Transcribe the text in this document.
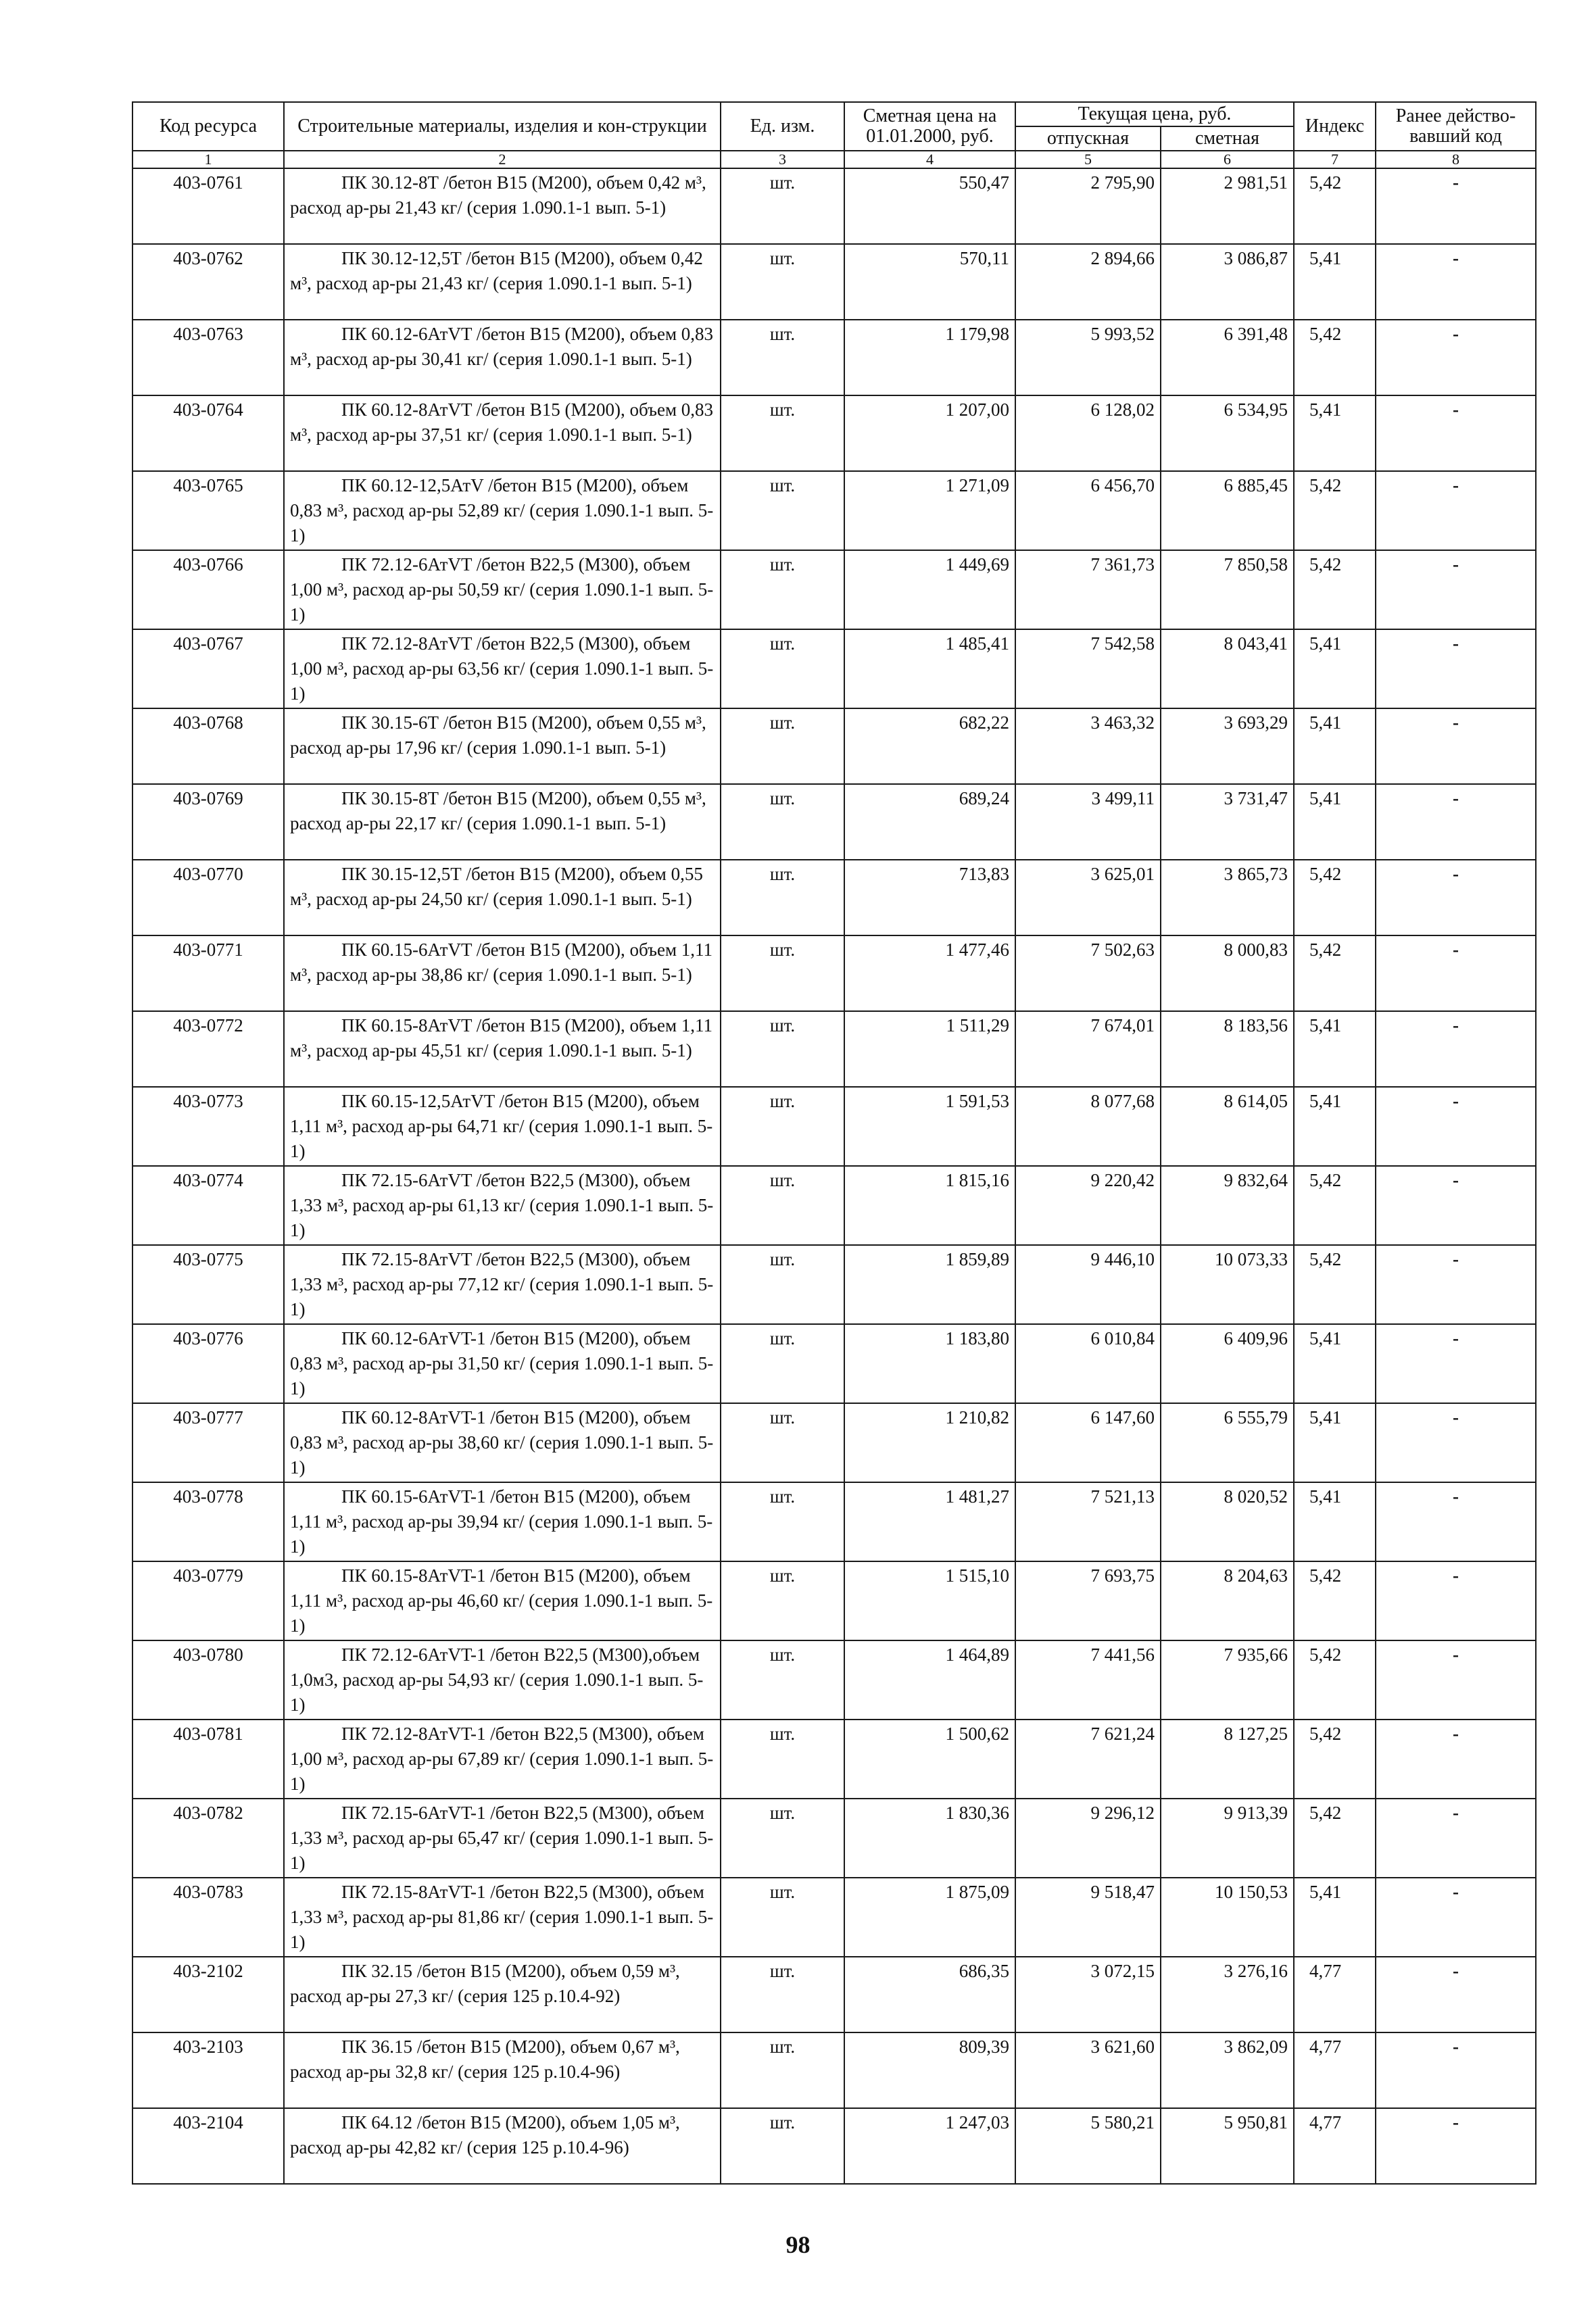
Код ресурса	Строительные материалы, изделия и кон-струкции	Ед. изм.	Сметная цена на 01.01.2000, руб.	Текущая цена, руб.		Индекс	Ранее действо-вавший код
				отпускная	сметная		
1	2	3	4	5	6	7	8
403-0761	ПК 30.12-8Т /бетон В15 (М200), объем 0,42 м³, расход ар-ры 21,43 кг/ (серия 1.090.1-1 вып. 5-1)	шт.	550,47	2 795,90	2 981,51	5,42	-
403-0762	ПК 30.12-12,5Т /бетон В15 (М200), объем 0,42 м³, расход ар-ры 21,43 кг/ (серия 1.090.1-1 вып. 5-1)	шт.	570,11	2 894,66	3 086,87	5,41	-
403-0763	ПК 60.12-6АтVT /бетон В15 (М200), объем 0,83 м³, расход ар-ры 30,41 кг/ (серия 1.090.1-1 вып. 5-1)	шт.	1 179,98	5 993,52	6 391,48	5,42	-
403-0764	ПК 60.12-8АтVT /бетон В15 (М200), объем 0,83 м³, расход ар-ры 37,51 кг/ (серия 1.090.1-1 вып. 5-1)	шт.	1 207,00	6 128,02	6 534,95	5,41	-
403-0765	ПК 60.12-12,5АтV /бетон В15 (М200), объем 0,83 м³, расход ар-ры 52,89 кг/ (серия 1.090.1-1 вып. 5-1)	шт.	1 271,09	6 456,70	6 885,45	5,42	-
403-0766	ПК 72.12-6АтVT /бетон В22,5 (М300), объем 1,00 м³, расход ар-ры 50,59 кг/ (серия 1.090.1-1 вып. 5-1)	шт.	1 449,69	7 361,73	7 850,58	5,42	-
403-0767	ПК 72.12-8АтVT /бетон В22,5 (М300), объем 1,00 м³, расход ар-ры 63,56 кг/ (серия 1.090.1-1 вып. 5-1)	шт.	1 485,41	7 542,58	8 043,41	5,41	-
403-0768	ПК 30.15-6Т /бетон В15 (М200), объем 0,55 м³, расход ар-ры 17,96 кг/ (серия 1.090.1-1 вып. 5-1)	шт.	682,22	3 463,32	3 693,29	5,41	-
403-0769	ПК 30.15-8Т /бетон В15 (М200), объем 0,55 м³, расход ар-ры 22,17 кг/ (серия 1.090.1-1 вып. 5-1)	шт.	689,24	3 499,11	3 731,47	5,41	-
403-0770	ПК 30.15-12,5Т /бетон В15 (М200), объем 0,55 м³, расход ар-ры 24,50 кг/ (серия 1.090.1-1 вып. 5-1)	шт.	713,83	3 625,01	3 865,73	5,42	-
403-0771	ПК 60.15-6АтVT /бетон В15 (М200), объем 1,11 м³, расход ар-ры 38,86 кг/ (серия 1.090.1-1 вып. 5-1)	шт.	1 477,46	7 502,63	8 000,83	5,42	-
403-0772	ПК 60.15-8АтVT /бетон В15 (М200), объем 1,11 м³, расход ар-ры 45,51 кг/ (серия 1.090.1-1 вып. 5-1)	шт.	1 511,29	7 674,01	8 183,56	5,41	-
403-0773	ПК 60.15-12,5АтVT /бетон В15 (М200), объем 1,11 м³, расход ар-ры 64,71 кг/ (серия 1.090.1-1 вып. 5-1)	шт.	1 591,53	8 077,68	8 614,05	5,41	-
403-0774	ПК 72.15-6АтVT /бетон В22,5 (М300), объем 1,33 м³, расход ар-ры 61,13 кг/ (серия 1.090.1-1 вып. 5-1)	шт.	1 815,16	9 220,42	9 832,64	5,42	-
403-0775	ПК 72.15-8АтVT /бетон В22,5 (М300), объем 1,33 м³, расход ар-ры 77,12 кг/ (серия 1.090.1-1 вып. 5-1)	шт.	1 859,89	9 446,10	10 073,33	5,42	-
403-0776	ПК 60.12-6АтVT-1 /бетон В15 (М200), объем 0,83 м³, расход ар-ры 31,50 кг/ (серия 1.090.1-1 вып. 5-1)	шт.	1 183,80	6 010,84	6 409,96	5,41	-
403-0777	ПК 60.12-8АтVT-1 /бетон В15 (М200), объем 0,83 м³, расход ар-ры 38,60 кг/ (серия 1.090.1-1 вып. 5-1)	шт.	1 210,82	6 147,60	6 555,79	5,41	-
403-0778	ПК 60.15-6АтVT-1 /бетон В15 (М200), объем 1,11 м³, расход ар-ры 39,94 кг/ (серия 1.090.1-1 вып. 5-1)	шт.	1 481,27	7 521,13	8 020,52	5,41	-
403-0779	ПК 60.15-8АтVT-1 /бетон В15 (М200), объем 1,11 м³, расход ар-ры 46,60 кг/ (серия 1.090.1-1 вып. 5-1)	шт.	1 515,10	7 693,75	8 204,63	5,42	-
403-0780	ПК 72.12-6АтVT-1 /бетон В22,5 (М300),объем 1,0м3, расход ар-ры 54,93 кг/ (серия 1.090.1-1 вып. 5-1)	шт.	1 464,89	7 441,56	7 935,66	5,42	-
403-0781	ПК 72.12-8АтVT-1 /бетон В22,5 (М300), объем 1,00 м³, расход ар-ры 67,89 кг/ (серия 1.090.1-1 вып. 5-1)	шт.	1 500,62	7 621,24	8 127,25	5,42	-
403-0782	ПК 72.15-6АтVT-1 /бетон В22,5 (М300), объем 1,33 м³, расход ар-ры 65,47 кг/ (серия 1.090.1-1 вып. 5-1)	шт.	1 830,36	9 296,12	9 913,39	5,42	-
403-0783	ПК 72.15-8АтVT-1 /бетон В22,5 (М300), объем 1,33 м³, расход ар-ры 81,86 кг/ (серия 1.090.1-1 вып. 5-1)	шт.	1 875,09	9 518,47	10 150,53	5,41	-
403-2102	ПК 32.15 /бетон В15 (М200), объем 0,59 м³, расход ар-ры 27,3 кг/ (серия 125 р.10.4-92)	шт.	686,35	3 072,15	3 276,16	4,77	-
403-2103	ПК 36.15 /бетон В15 (М200), объем 0,67 м³, расход ар-ры 32,8 кг/ (серия 125 р.10.4-96)	шт.	809,39	3 621,60	3 862,09	4,77	-
403-2104	ПК 64.12 /бетон В15 (М200), объем 1,05 м³, расход ар-ры 42,82 кг/ (серия 125 р.10.4-96)	шт.	1 247,03	5 580,21	5 950,81	4,77	-
98
